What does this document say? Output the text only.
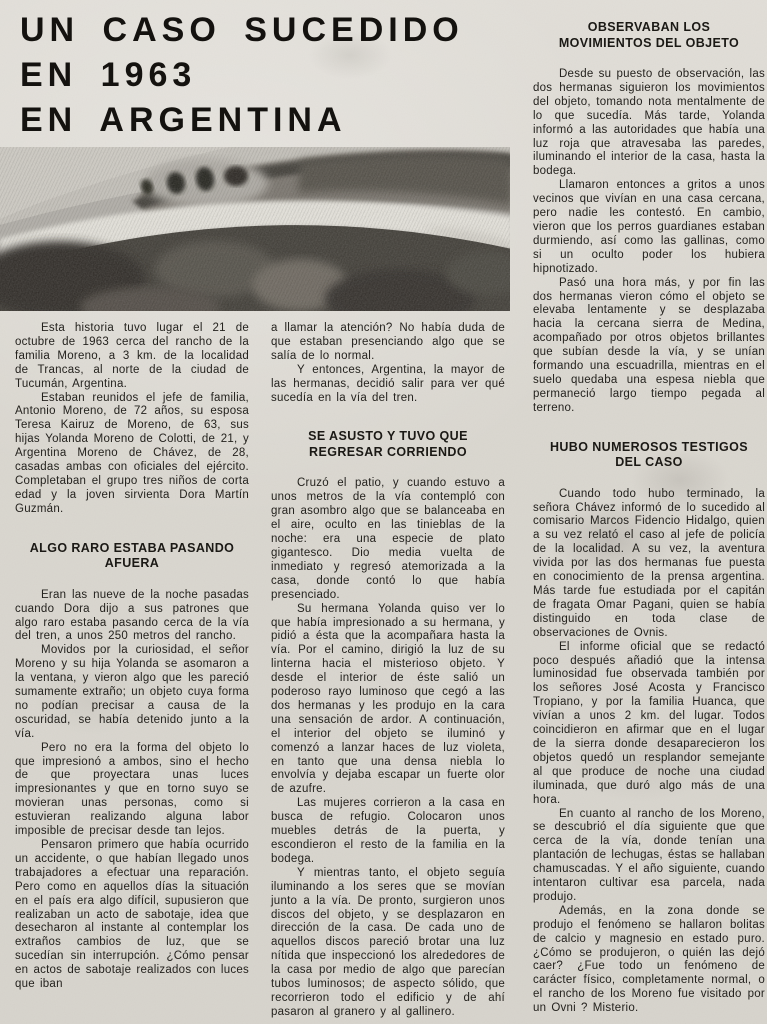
UN CASO SUCEDIDO
EN 1963
EN ARGENTINA

Esta historia tuvo lugar el 21 de octubre de 1963 cerca del rancho de la familia Moreno, a 3 km. de la localidad de Trancas, al norte de la ciudad de Tucumán, Argentina.

Estaban reunidos el jefe de familia, Antonio Moreno, de 72 años, su esposa Teresa Kairuz de Moreno, de 63, sus hijas Yolanda Moreno de Colotti, de 21, y Argentina Moreno de Chávez, de 28, casadas ambas con oficiales del ejército. Completaban el grupo tres niños de corta edad y la joven sirvienta Dora Martín Guzmán.

ALGO RARO ESTABA PASANDO AFUERA

Eran las nueve de la noche pasadas cuando Dora dijo a sus patrones que algo raro estaba pasando cerca de la vía del tren, a unos 250 metros del rancho.

Movidos por la curiosidad, el señor Moreno y su hija Yolanda se asomaron a la ventana, y vieron algo que les pareció sumamente extraño; un objeto cuya forma no podían precisar a causa de la oscuridad, se había detenido junto a la vía.

Pero no era la forma del objeto lo que impresionó a ambos, sino el hecho de que proyectara unas luces impresionantes y que en torno suyo se movieran unas personas, como si estuvieran realizando alguna labor imposible de precisar desde tan lejos.

Pensaron primero que había ocurrido un accidente, o que habían llegado unos trabajadores a efectuar una reparación. Pero como en aquellos días la situación en el país era algo difícil, supusieron que realizaban un acto de sabotaje, idea que desecharon al instante al contemplar los extraños cambios de luz, que se sucedían sin interrupción. ¿Cómo pensar en actos de sabotaje realizados con luces que iban

a llamar la atención? No había duda de que estaban presenciando algo que se salía de lo normal.

Y entonces, Argentina, la mayor de las hermanas, decidió salir para ver qué sucedía en la vía del tren.

SE ASUSTO Y TUVO QUE REGRESAR CORRIENDO

Cruzó el patio, y cuando estuvo a unos metros de la vía contempló con gran asombro algo que se balanceaba en el aire, oculto en las tinieblas de la noche: era una especie de plato gigantesco. Dio media vuelta de inmediato y regresó atemorizada a la casa, donde contó lo que había presenciado.

Su hermana Yolanda quiso ver lo que había impresionado a su hermana, y pidió a ésta que la acompañara hasta la vía. Por el camino, dirigió la luz de su linterna hacia el misterioso objeto. Y desde el interior de éste salió un poderoso rayo luminoso que cegó a las dos hermanas y les produjo en la cara una sensación de ardor. A continuación, el interior del objeto se iluminó y comenzó a lanzar haces de luz violeta, en tanto que una densa niebla lo envolvía y dejaba escapar un fuerte olor de azufre.

Las mujeres corrieron a la casa en busca de refugio. Colocaron unos muebles detrás de la puerta, y escondieron el resto de la familia en la bodega.

Y mientras tanto, el objeto seguía iluminando a los seres que se movían junto a la vía. De pronto, surgieron unos discos del objeto, y se desplazaron en dirección de la casa. De cada uno de aquellos discos pareció brotar una luz nítida que inspeccionó los alrededores de la casa por medio de algo que parecían tubos luminosos; de aspecto sólido, que recorrieron todo el edificio y de ahí pasaron al granero y al gallinero.

OBSERVABAN LOS MOVIMIENTOS DEL OBJETO

Desde su puesto de observación, las dos hermanas siguieron los movimientos del objeto, tomando nota mentalmente de lo que sucedía. Más tarde, Yolanda informó a las autoridades que había una luz roja que atravesaba las paredes, iluminando el interior de la casa, hasta la bodega.

Llamaron entonces a gritos a unos vecinos que vivían en una casa cercana, pero nadie les contestó. En cambio, vieron que los perros guardianes estaban durmiendo, así como las gallinas, como si un oculto poder los hubiera hipnotizado.

Pasó una hora más, y por fin las dos hermanas vieron cómo el objeto se elevaba lentamente y se desplazaba hacia la cercana sierra de Medina, acompañado por otros objetos brillantes que subían desde la vía, y se unían formando una escuadrilla, mientras en el suelo quedaba una espesa niebla que permaneció largo tiempo pegada al terreno.

HUBO NUMEROSOS TESTIGOS DEL CASO

Cuando todo hubo terminado, la señora Chávez informó de lo sucedido al comisario Marcos Fidencio Hidalgo, quien a su vez relató el caso al jefe de policía de la localidad. A su vez, la aventura vivida por las dos hermanas fue puesta en conocimiento de la prensa argentina. Más tarde fue estudiada por el capitán de fragata Omar Pagani, quien se había distinguido en toda clase de observaciones de Ovnis.

El informe oficial que se redactó poco después añadió que la intensa luminosidad fue observada también por los señores José Acosta y Francisco Tropiano, y por la familia Huanca, que vivían a unos 2 km. del lugar. Todos coincidieron en afirmar que en el lugar de la sierra donde desaparecieron los objetos quedó un resplandor semejante al que produce de noche una ciudad iluminada, que duró algo más de una hora.

En cuanto al rancho de los Moreno, se descubrió el día siguiente que que cerca de la vía, donde tenían una plantación de lechugas, éstas se hallaban chamuscadas. Y el año siguiente, cuando intentaron cultivar esa parcela, nada produjo.

Además, en la zona donde se produjo el fenómeno se hallaron bolitas de calcio y magnesio en estado puro. ¿Cómo se produjeron, o quién las dejó caer? ¿Fue todo un fenómeno de carácter físico, completamente normal, o el rancho de los Moreno fue visitado por un Ovni ? Misterio.
